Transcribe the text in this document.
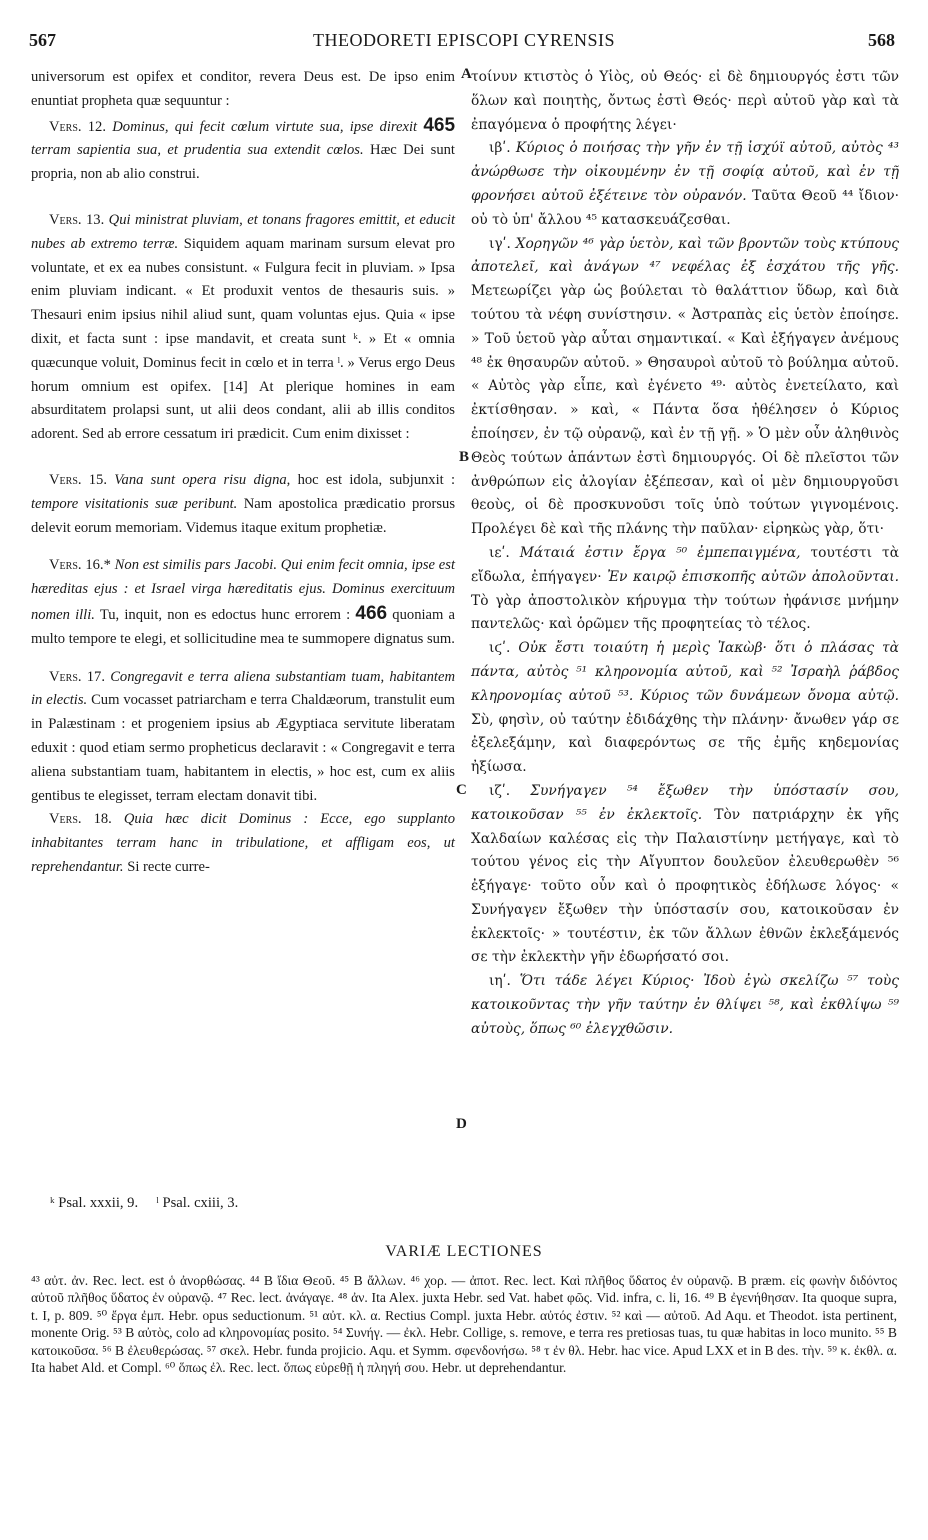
567	THEODORETI EPISCOPI CYRENSIS	568
A
B
C
D

universorum est opifex et conditor, revera Deus est. De ipso enim enuntiat propheta quæ sequuntur :

Vers. 12. Dominus, qui fecit cœlum virtute sua, ipse direxit 465 terram sapientia sua, et prudentia sua extendit cœlos. Hæc Dei sunt propria, non ab alio construi.

Vers. 13. Qui ministrat pluviam, et tonans fragores emittit, et educit nubes ab extremo terræ. Siquidem aquam marinam sursum elevat pro voluntate, et ex ea nubes consistunt. « Fulgura fecit in pluviam. » Ipsa enim pluviam indicant. « Et produxit ventos de thesauris suis. » Thesauri enim ipsius nihil aliud sunt, quam voluntas ejus. Quia « ipse dixit, et facta sunt : ipse mandavit, et creata sunt ᵏ. » Et « omnia quæcunque voluit, Dominus fecit in cœlo et in terra ˡ. » Verus ergo Deus horum omnium est opifex. [14] At plerique homines in eam absurditatem prolapsi sunt, ut alii deos condant, alii ab illis conditos adorent. Sed ab errore cessatum iri prædicit. Cum enim dixisset :

Vers. 15. Vana sunt opera risu digna, hoc est idola, subjunxit : tempore visitationis suæ peribunt. Nam apostolica prædicatio prorsus delevit eorum memoriam. Videmus itaque exitum prophetiæ.

Vers. 16.* Non est similis pars Jacobi. Qui enim fecit omnia, ipse est hæreditas ejus : et Israel virga hæreditatis ejus. Dominus exercituum nomen illi. Tu, inquit, non es edoctus hunc errorem : 466 quoniam a multo tempore te elegi, et sollicitudine mea te summopere dignatus sum.

Vers. 17. Congregavit e terra aliena substantiam tuam, habitantem in electis. Cum vocasset patriarcham e terra Chaldæorum, transtulit eum in Palæstinam : et progeniem ipsius ab Ægyptiaca servitute liberatam eduxit : quod etiam sermo propheticus declaravit : « Congregavit e terra aliena substantiam tuam, habitantem in electis, » hoc est, cum ex aliis gentibus te elegisset, terram electam donavit tibi.

Vers. 18. Quia hæc dicit Dominus : Ecce, ego supplanto inhabitantes terram hanc in tribulatione, et affligam eos, ut reprehendantur. Si recte curre-

τοίνυν κτιστὸς ὁ Υἱὸς, οὐ Θεός· εἰ δὲ δημιουργός ἐστι τῶν ὅλων καὶ ποιητὴς, ὄντως ἐστὶ Θεός· περὶ αὐτοῦ γὰρ καὶ τὰ ἐπαγόμενα ὁ προφήτης λέγει·

ιβʹ. Κύριος ὁ ποιήσας τὴν γῆν ἐν τῇ ἰσχύϊ αὐτοῦ, αὐτὸς ⁴³ ἀνώρθωσε τὴν οἰκουμένην ἐν τῇ σοφίᾳ αὐτοῦ, καὶ ἐν τῇ φρονήσει αὐτοῦ ἐξέτεινε τὸν οὐρανόν. Ταῦτα Θεοῦ ⁴⁴ ἴδιον· οὐ τὸ ὑπ' ἄλλου ⁴⁵ κατασκευάζεσθαι.

ιγʹ. Χορηγῶν ⁴⁶ γὰρ ὑετὸν, καὶ τῶν βροντῶν τοὺς κτύπους ἀποτελεῖ, καὶ ἀνάγων ⁴⁷ νεφέλας ἐξ ἐσχάτου τῆς γῆς. Μετεωρίζει γὰρ ὡς βούλεται τὸ θαλάττιον ὕδωρ, καὶ διὰ τούτου τὰ νέφη συνίστησιν. « Ἀστραπὰς εἰς ὑετὸν ἐποίησε. » Τοῦ ὑετοῦ γὰρ αὗται σημαντικαί. « Καὶ ἐξήγαγεν ἀνέμους ⁴⁸ ἐκ θησαυρῶν αὐτοῦ. » Θησαυροὶ αὐτοῦ τὸ βούλημα αὐτοῦ. « Αὐτὸς γὰρ εἶπε, καὶ ἐγένετο ⁴⁹· αὐτὸς ἐνετείλατο, καὶ ἐκτίσθησαν. » καὶ, « Πάντα ὅσα ἠθέλησεν ὁ Κύριος ἐποίησεν, ἐν τῷ οὐρανῷ, καὶ ἐν τῇ γῇ. » Ὁ μὲν οὖν ἀληθινὸς Θεὸς τούτων ἁπάντων ἐστὶ δημιουργός. Οἱ δὲ πλεῖστοι τῶν ἀνθρώπων εἰς ἀλογίαν ἐξέπεσαν, καὶ οἱ μὲν δημιουργοῦσι θεοὺς, οἱ δὲ προσκυνοῦσι τοῖς ὑπὸ τούτων γιγνομένοις. Προλέγει δὲ καὶ τῆς πλάνης τὴν παῦλαν· εἰρηκὼς γὰρ, ὅτι·

ιεʹ. Μάταιά ἐστιν ἔργα ⁵⁰ ἐμπεπαιγμένα, τουτέστι τὰ εἴδωλα, ἐπήγαγεν· Ἐν καιρῷ ἐπισκοπῆς αὐτῶν ἀπολοῦνται. Τὸ γὰρ ἀποστολικὸν κήρυγμα τὴν τούτων ἠφάνισε μνήμην παντελῶς· καὶ ὁρῶμεν τῆς προφητείας τὸ τέλος.

ιϛʹ. Οὐκ ἔστι τοιαύτη ἡ μερὶς Ἰακὼβ· ὅτι ὁ πλάσας τὰ πάντα, αὐτὸς ⁵¹ κληρονομία αὐτοῦ, καὶ ⁵² Ἰσραὴλ ῥάβδος κληρονομίας αὐτοῦ ⁵³. Κύριος τῶν δυνάμεων ὄνομα αὐτῷ. Σὺ, φησὶν, οὐ ταύτην ἐδιδάχθης τὴν πλάνην· ἄνωθεν γάρ σε ἐξελεξάμην, καὶ διαφερόντως σε τῆς ἐμῆς κηδεμονίας ἠξίωσα.

ιζʹ. Συνήγαγεν ⁵⁴ ἔξωθεν τὴν ὑπόστασίν σου, κατοικοῦσαν ⁵⁵ ἐν ἐκλεκτοῖς. Τὸν πατριάρχην ἐκ γῆς Χαλδαίων καλέσας εἰς τὴν Παλαιστίνην μετήγαγε, καὶ τὸ τούτου γένος εἰς τὴν Αἴγυπτον δουλεῦον ἐλευθερωθὲν ⁵⁶ ἐξήγαγε· τοῦτο οὖν καὶ ὁ προφητικὸς ἐδήλωσε λόγος· « Συνήγαγεν ἔξωθεν τὴν ὑπόστασίν σου, κατοικοῦσαν ἐν ἐκλεκτοῖς· » τουτέστιν, ἐκ τῶν ἄλλων ἐθνῶν ἐκλεξάμενός σε τὴν ἐκλεκτὴν γῆν ἐδωρήσατό σοι.

ιηʹ. Ὅτι τάδε λέγει Κύριος· Ἰδοὺ ἐγὼ σκελίζω ⁵⁷ τοὺς κατοικοῦντας τὴν γῆν ταύτην ἐν θλίψει ⁵⁸, καὶ ἐκθλίψω ⁵⁹ αὐτοὺς, ὅπως ⁶⁰ ἐλεγχθῶσιν.

ᵏ Psal. xxxii, 9. ˡ Psal. cxiii, 3.
VARIÆ LECTIONES

⁴³ αὐτ. ἀν. Rec. lect. est ὁ ἀνορθώσας. ⁴⁴ B ἴδια Θεοῦ. ⁴⁵ B ἄλλων. ⁴⁶ χορ. — ἀποτ. Rec. lect. Καὶ πλῆθος ὕδατος ἐν οὐρανῷ. B præm. εἰς φωνὴν διδόντος αὐτοῦ πλῆθος ὕδατος ἐν οὐρανῷ. ⁴⁷ Rec. lect. ἀνάγαγε. ⁴⁸ ἀν. Ita Alex. juxta Hebr. sed Vat. habet φῶς. Vid. infra, c. li, 16. ⁴⁹ B ἐγενήθησαν. Ita quoque supra, t. I, p. 809. ⁵⁰ ἔργα ἐμπ. Hebr. opus seductionum. ⁵¹ αὐτ. κλ. α. Rectius Compl. juxta Hebr. αὐτός ἐστιν. ⁵² καὶ — αὐτοῦ. Ad Aqu. et Theodot. ista pertinent, monente Orig. ⁵³ B αὐτὸς, colo ad κληρονομίας posito. ⁵⁴ Συνήγ. — ἐκλ. Hebr. Collige, s. remove, e terra res pretiosas tuas, tu quæ habitas in loco munito. ⁵⁵ B κατοικοῦσα. ⁵⁶ B ἐλευθερώσας. ⁵⁷ σκελ. Hebr. funda projicio. Aqu. et Symm. σφενδονήσω. ⁵⁸ τ ἐν θλ. Hebr. hac vice. Apud LXX et in B des. τὴν. ⁵⁹ κ. ἐκθλ. α. Ita habet Ald. et Compl. ⁶⁰ ὅπως ἐλ. Rec. lect. ὅπως εὑρεθῇ ἡ πληγή σου. Hebr. ut deprehendantur.
